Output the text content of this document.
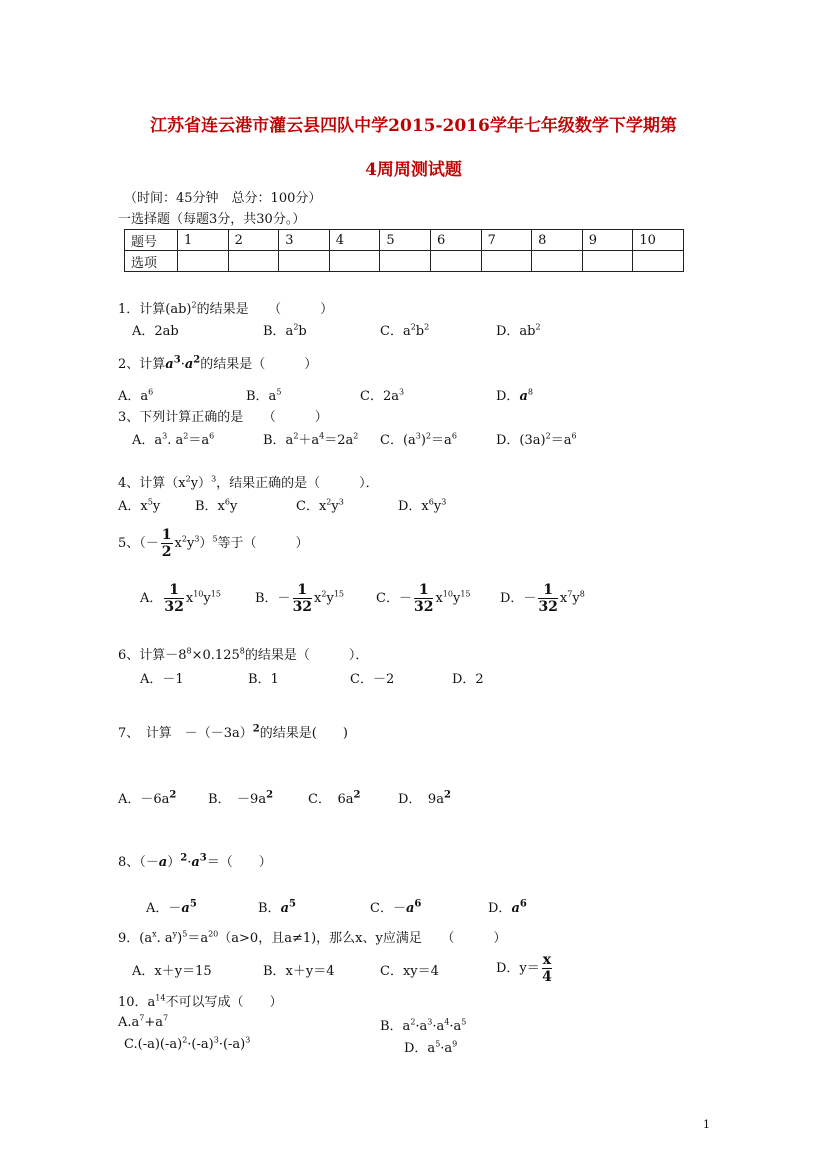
江苏省连云港市灌云县四队中学2015-2016学年七年级数学下学期第
4周周测试题
（时间：45分钟　总分：100分）
一选择题（每题3分，共30分。）
题号	1	2	3	4	5	6	7	8	9	10
选项										
1．计算(ab)$^2$的结果是　　（　　　）
A．2ab	B．$a^2b$	C．$a^2b^2$	D．$ab^2$
2、计算$a^3\cdot a^2$的结果是（　　　）
A．$a^6$	B．$a^5$	C．$2a^3$	D．$a^8$
3、下列计算正确的是　　（　　　）
A．$a^3$. $a^2=a^6$	B．$a^2+a^4=2a^2$ C．$(a^3)^2=a^6$	D．$(3a)^2=a^6$
4、计算$(x^2y)^3$，结果正确的是（　　　）．
A．$x^5y$	B．$x^6y$	C．$x^2y^3$	D．$x^6y^3$
5、（－ $\frac{1}{2} x^2y^3)^5$等于（　　　）
A． $\frac{1}{32} x^{10}y^{15}$	B．－ $\frac{1}{32} x^2y^{15}$ C．－ $\frac{1}{32} x^{10}y^{15}$ D．－ $\frac{1}{32} x^7y^8$
6、计算$-8^8\times 0.125^8$的结果是（　　　）．
A．－1	B．1	C．－2	D．2
7、　计算　$-(-3a)^2$的结果是(　　)
A．$-6a^2$ B．　$-9a^2$	C．　$6a^2$	D．　$9a^2$
8、$(-a)^2\cdot a^3=$（　　）
A．$-a^5$	B．$a^5$	C．$-a^6$	D．$a^6$
9．($a^x$. $a^y)^5=a^{20}(a>0$，且a≠1)，那么x、y应满足　　（　　　）
A．x＋y＝15	B．x＋y＝4	C．xy＝4	D．$y= \frac{x}{4}$
10．$a^{14}$不可以写成（　　）
$A.a^7+a^7$
B．$a^2\cdot a^3\cdot a^4\cdot a^5$
$C.(-a)(-a)^2\cdot(-a)^3\cdot(-a)^3$
D．$a^5\cdot a^9$
1
